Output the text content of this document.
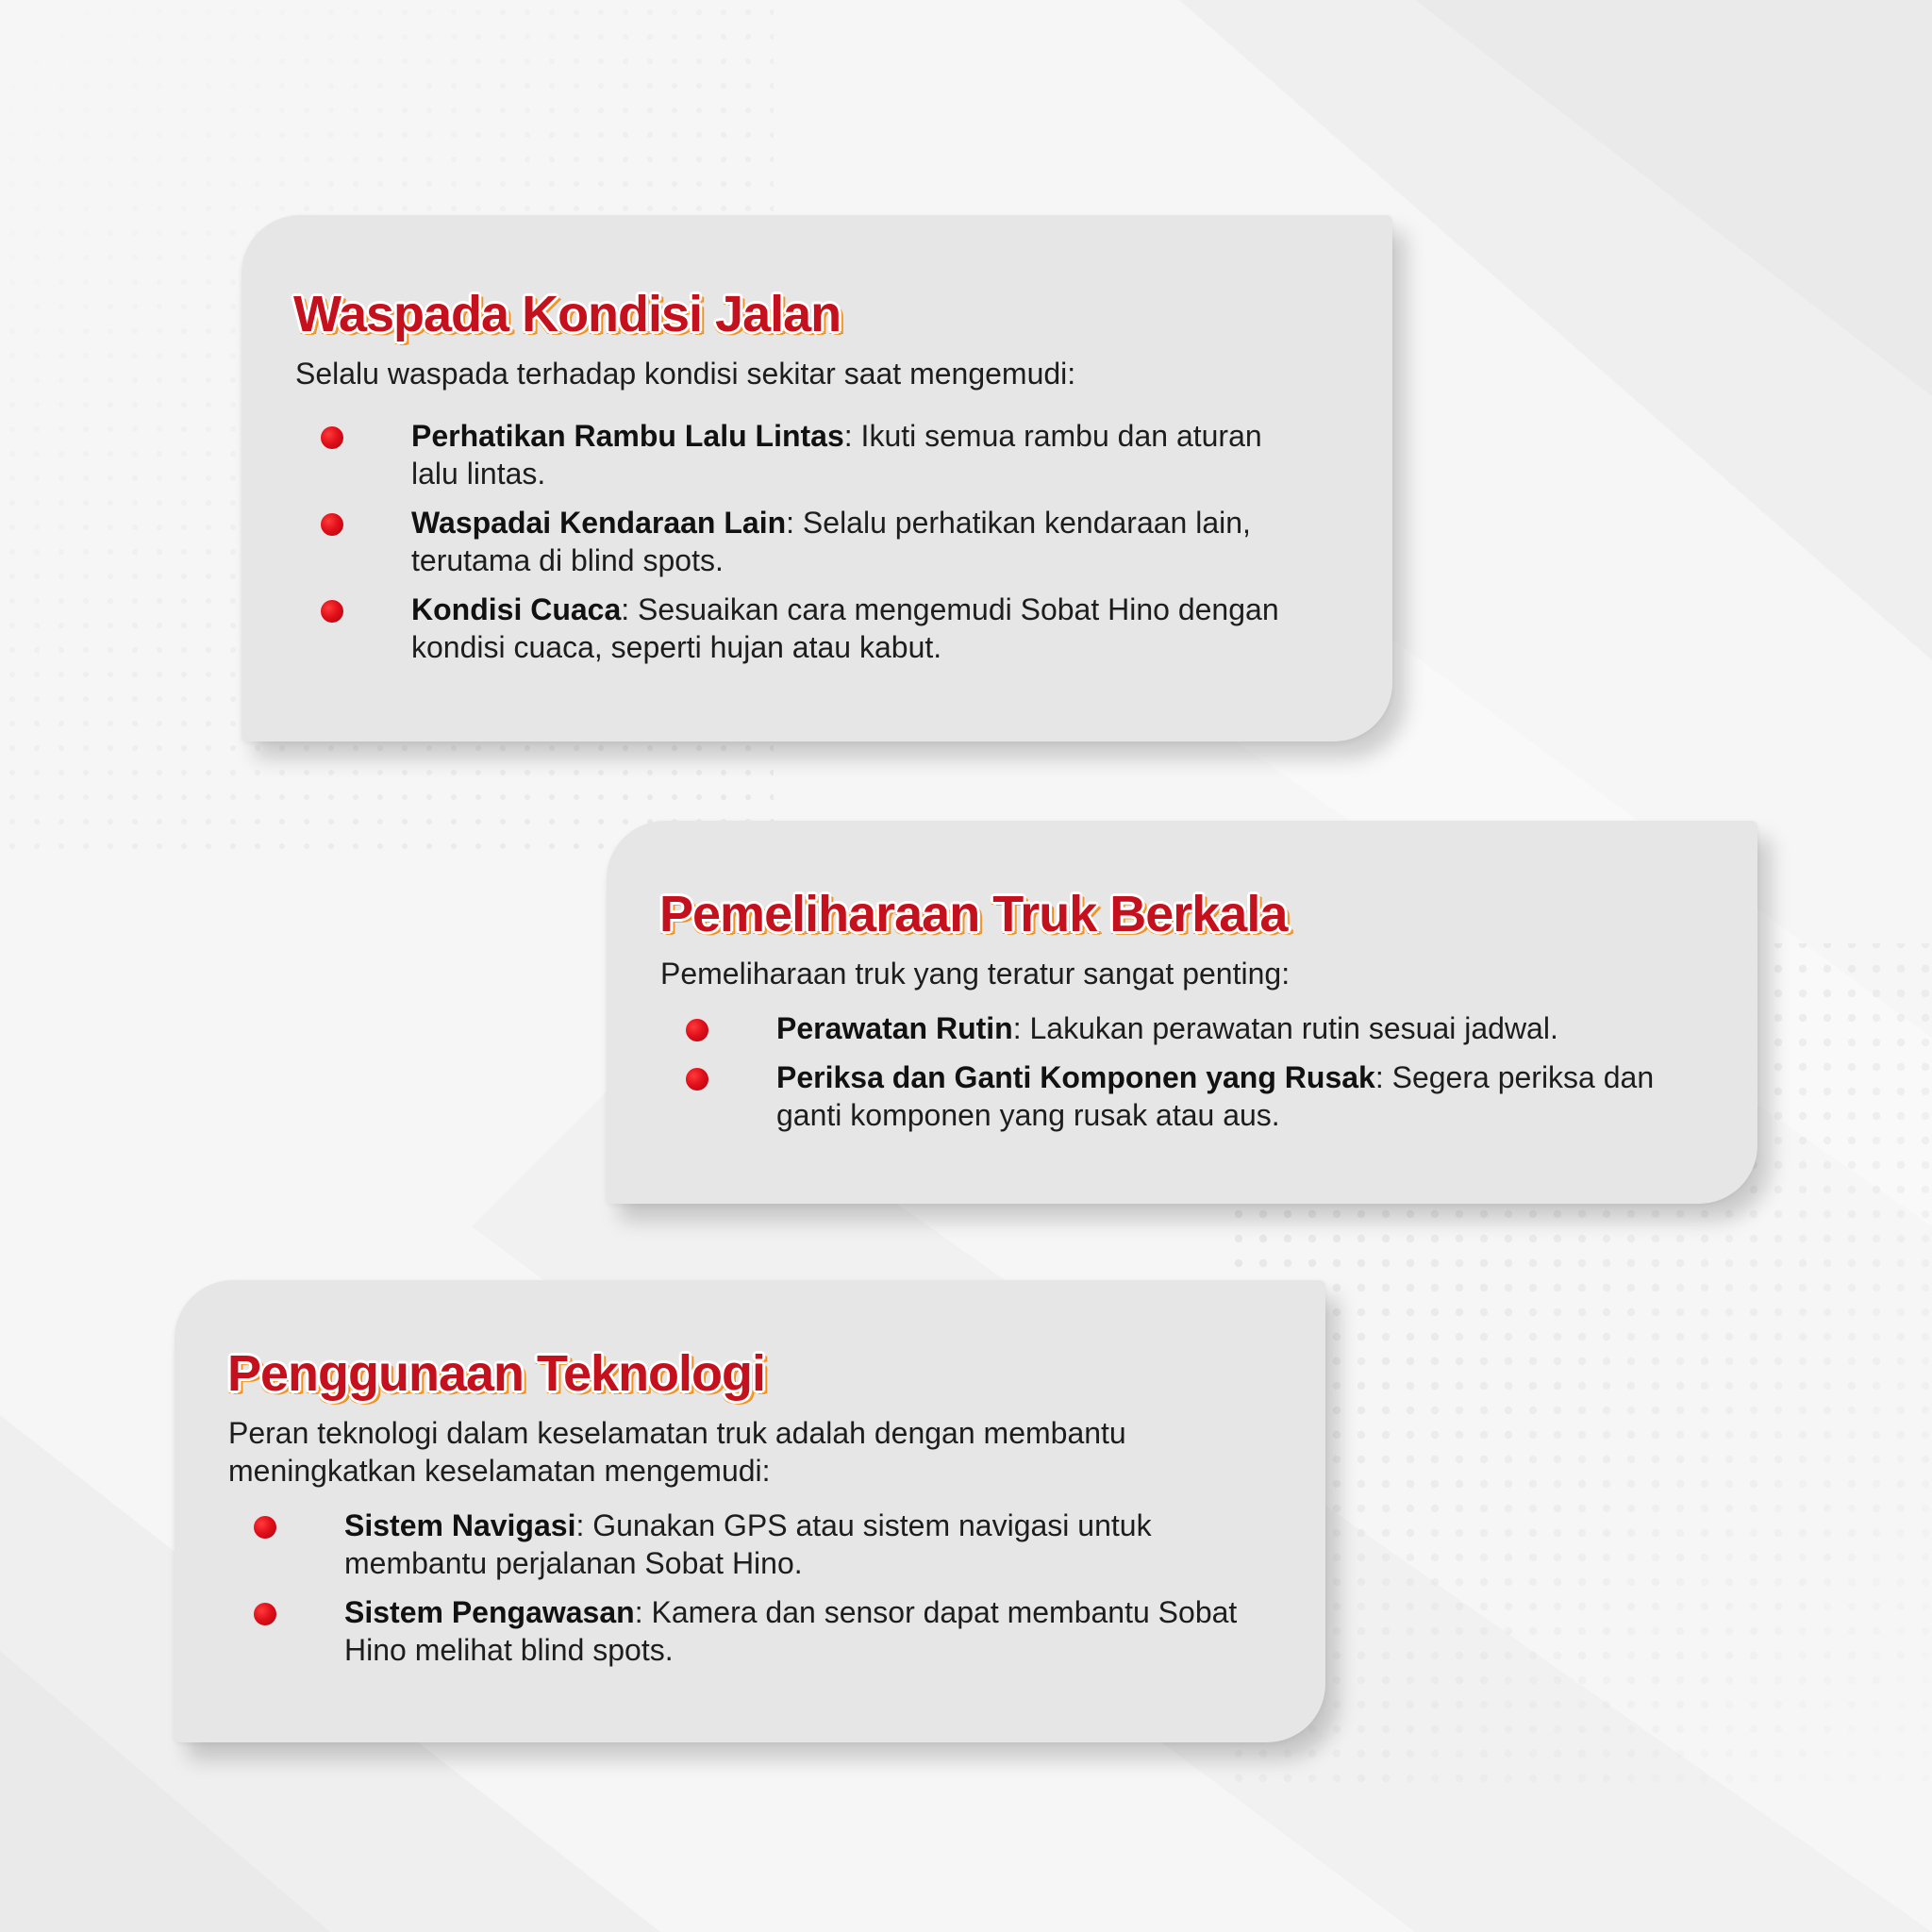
Waspada Kondisi Jalan

Selalu waspada terhadap kondisi sekitar saat mengemudi:

Perhatikan Rambu Lalu Lintas: Ikuti semua rambu dan aturan lalu lintas.
Waspadai Kendaraan Lain: Selalu perhatikan kendaraan lain, terutama di blind spots.
Kondisi Cuaca: Sesuaikan cara mengemudi Sobat Hino dengan kondisi cuaca, seperti hujan atau kabut.
Pemeliharaan Truk Berkala

Pemeliharaan truk yang teratur sangat penting:

Perawatan Rutin: Lakukan perawatan rutin sesuai jadwal.
Periksa dan Ganti Komponen yang Rusak: Segera periksa dan ganti komponen yang rusak atau aus.
Penggunaan Teknologi

Peran teknologi dalam keselamatan truk adalah dengan membantu meningkatkan keselamatan mengemudi:

Sistem Navigasi: Gunakan GPS atau sistem navigasi untuk membantu perjalanan Sobat Hino.
Sistem Pengawasan: Kamera dan sensor dapat membantu Sobat Hino melihat blind spots.
